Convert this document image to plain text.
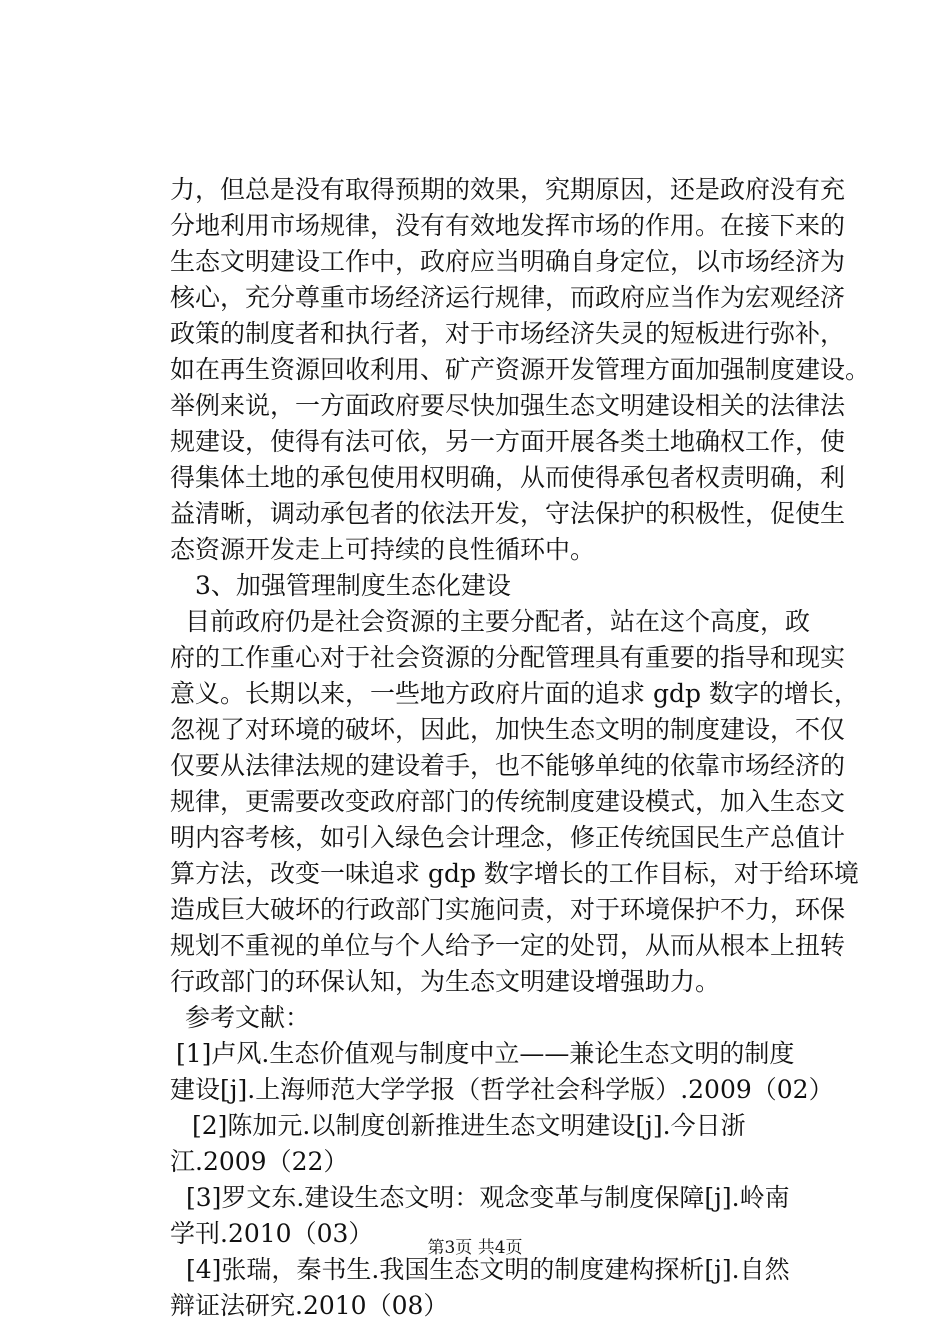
力，但总是没有取得预期的效果，究期原因，还是政府没有充
分地利用市场规律，没有有效地发挥市场的作用。在接下来的
生态文明建设工作中，政府应当明确自身定位，以市场经济为
核心，充分尊重市场经济运行规律，而政府应当作为宏观经济
政策的制度者和执行者，对于市场经济失灵的短板进行弥补，
如在再生资源回收利用、矿产资源开发管理方面加强制度建设。
举例来说，一方面政府要尽快加强生态文明建设相关的法律法
规建设，使得有法可依，另一方面开展各类土地确权工作，使
得集体土地的承包使用权明确，从而使得承包者权责明确，利
益清晰，调动承包者的依法开发，守法保护的积极性，促使生
态资源开发走上可持续的良性循环中。
3、加强管理制度生态化建设
目前政府仍是社会资源的主要分配者，站在这个高度，政
府的工作重心对于社会资源的分配管理具有重要的指导和现实
意义。长期以来，一些地方政府片面的追求 gdp 数字的增长，
忽视了对环境的破坏，因此，加快生态文明的制度建设，不仅
仅要从法律法规的建设着手，也不能够单纯的依靠市场经济的
规律，更需要改变政府部门的传统制度建设模式，加入生态文
明内容考核，如引入绿色会计理念，修正传统国民生产总值计
算方法，改变一味追求 gdp 数字增长的工作目标，对于给环境
造成巨大破坏的行政部门实施问责，对于环境保护不力，环保
规划不重视的单位与个人给予一定的处罚，从而从根本上扭转
行政部门的环保认知，为生态文明建设增强助力。
参考文献：
[1]卢风.生态价值观与制度中立——兼论生态文明的制度
建设[j].上海师范大学学报（哲学社会科学版）.2009（02）
[2]陈加元.以制度创新推进生态文明建设[j].今日浙
江.2009（22）
[3]罗文东.建设生态文明：观念变革与制度保障[j].岭南
学刊.2010（03）
[4]张瑞，秦书生.我国生态文明的制度建构探析[j].自然
辩证法研究.2010（08）
第3页 共4页
